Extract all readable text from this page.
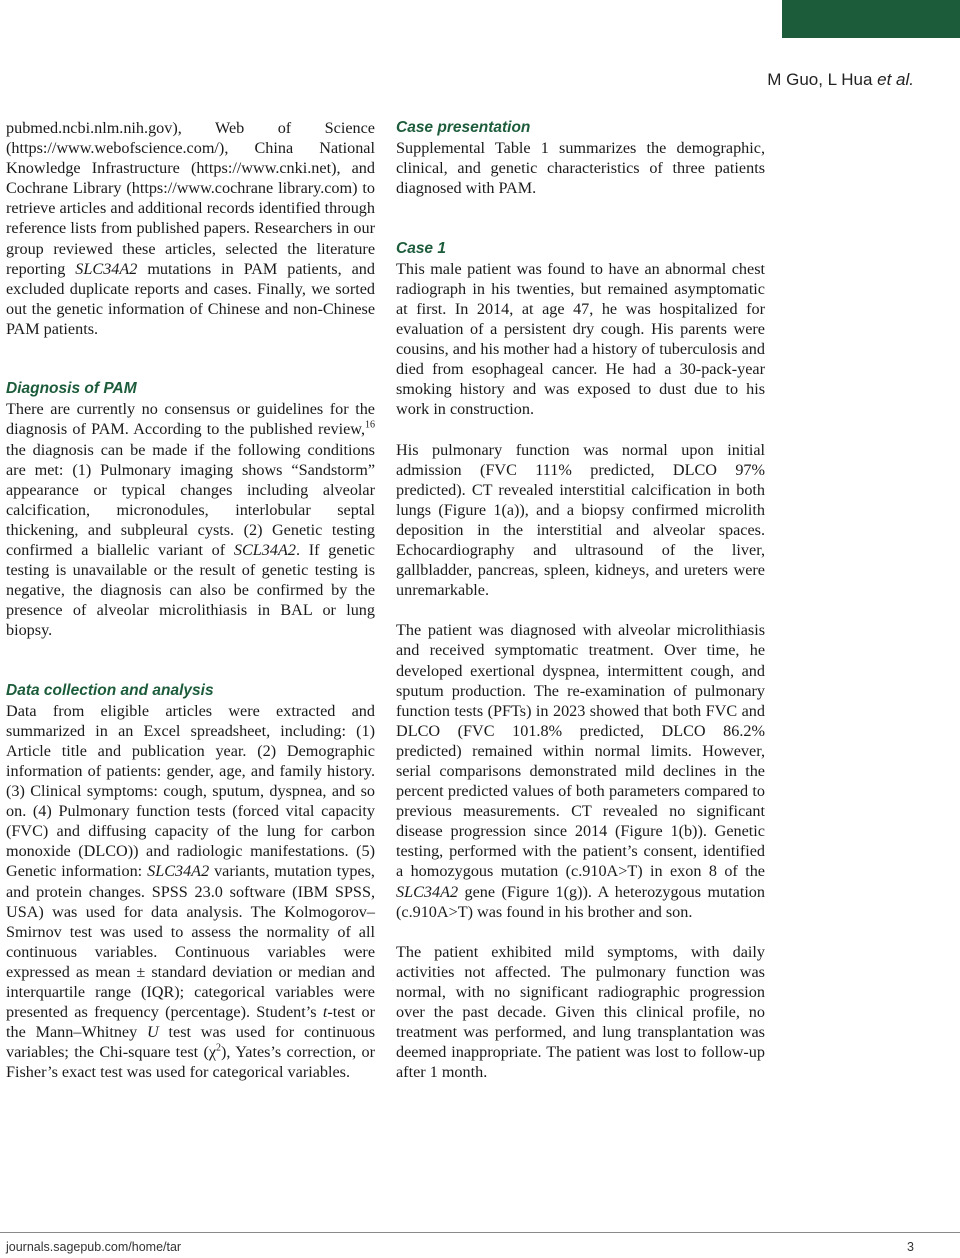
M Guo, L Hua et al.

pubmed.ncbi.nlm.nih.gov), Web of Science (https://www.webofscience.com/), China National Knowledge Infrastructure (https://www.cnki.net), and Cochrane Library (https://www.cochrane library.com) to retrieve articles and additional records identified through reference lists from published papers. Researchers in our group reviewed these articles, selected the literature reporting SLC34A2 mutations in PAM patients, and excluded duplicate reports and cases. Finally, we sorted out the genetic information of Chinese and non-Chinese PAM patients.

Diagnosis of PAM

There are currently no consensus or guidelines for the diagnosis of PAM. According to the published review,$^{16}$ the diagnosis can be made if the following conditions are met: (1) Pulmonary imaging shows “Sandstorm” appearance or typical changes including alveolar calcification, micronodules, interlobular septal thickening, and subpleural cysts. (2) Genetic testing confirmed a biallelic variant of SCL34A2. If genetic testing is unavailable or the result of genetic testing is negative, the diagnosis can also be confirmed by the presence of alveolar microlithiasis in BAL or lung biopsy.

Data collection and analysis

Data from eligible articles were extracted and summarized in an Excel spreadsheet, including: (1) Article title and publication year. (2) Demographic information of patients: gender, age, and family history. (3) Clinical symptoms: cough, sputum, dyspnea, and so on. (4) Pulmonary function tests (forced vital capacity (FVC) and diffusing capacity of the lung for carbon monoxide (DLCO)) and radiologic manifestations. (5) Genetic information: SLC34A2 variants, mutation types, and protein changes. SPSS 23.0 software (IBM SPSS, USA) was used for data analysis. The Kolmogorov–Smirnov test was used to assess the normality of all continuous variables. Continuous variables were expressed as mean ± standard deviation or median and interquartile range (IQR); categorical variables were presented as frequency (percentage). Student’s t-test or the Mann–Whitney U test was used for continuous variables; the Chi-square test $(\chi^2)$, Yates’s correction, or Fisher’s exact test was used for categorical variables.

Case presentation

Supplemental Table 1 summarizes the demographic, clinical, and genetic characteristics of three patients diagnosed with PAM.

Case 1

This male patient was found to have an abnormal chest radiograph in his twenties, but remained asymptomatic at first. In 2014, at age 47, he was hospitalized for evaluation of a persistent dry cough. His parents were cousins, and his mother had a history of tuberculosis and died from esophageal cancer. He had a 30-pack-year smoking history and was exposed to dust due to his work in construction.

His pulmonary function was normal upon initial admission (FVC 111% predicted, DLCO 97% predicted). CT revealed interstitial calcification in both lungs (Figure 1(a)), and a biopsy confirmed microlith deposition in the interstitial and alveolar spaces. Echocardiography and ultrasound of the liver, gallbladder, pancreas, spleen, kidneys, and ureters were unremarkable.

The patient was diagnosed with alveolar microlithiasis and received symptomatic treatment. Over time, he developed exertional dyspnea, intermittent cough, and sputum production. The re-examination of pulmonary function tests (PFTs) in 2023 showed that both FVC and DLCO (FVC 101.8% predicted, DLCO 86.2% predicted) remained within normal limits. However, serial comparisons demonstrated mild declines in the percent predicted values of both parameters compared to previous measurements. CT revealed no significant disease progression since 2014 (Figure 1(b)). Genetic testing, performed with the patient’s consent, identified a homozygous mutation (c.910A>T) in exon 8 of the SLC34A2 gene (Figure 1(g)). A heterozygous mutation (c.910A>T) was found in his brother and son.

The patient exhibited mild symptoms, with daily activities not affected. The pulmonary function was normal, with no significant radiographic progression over the past decade. Given this clinical profile, no treatment was performed, and lung transplantation was deemed inappropriate. The patient was lost to follow-up after 1 month.

journals.sagepub.com/home/tar	3
